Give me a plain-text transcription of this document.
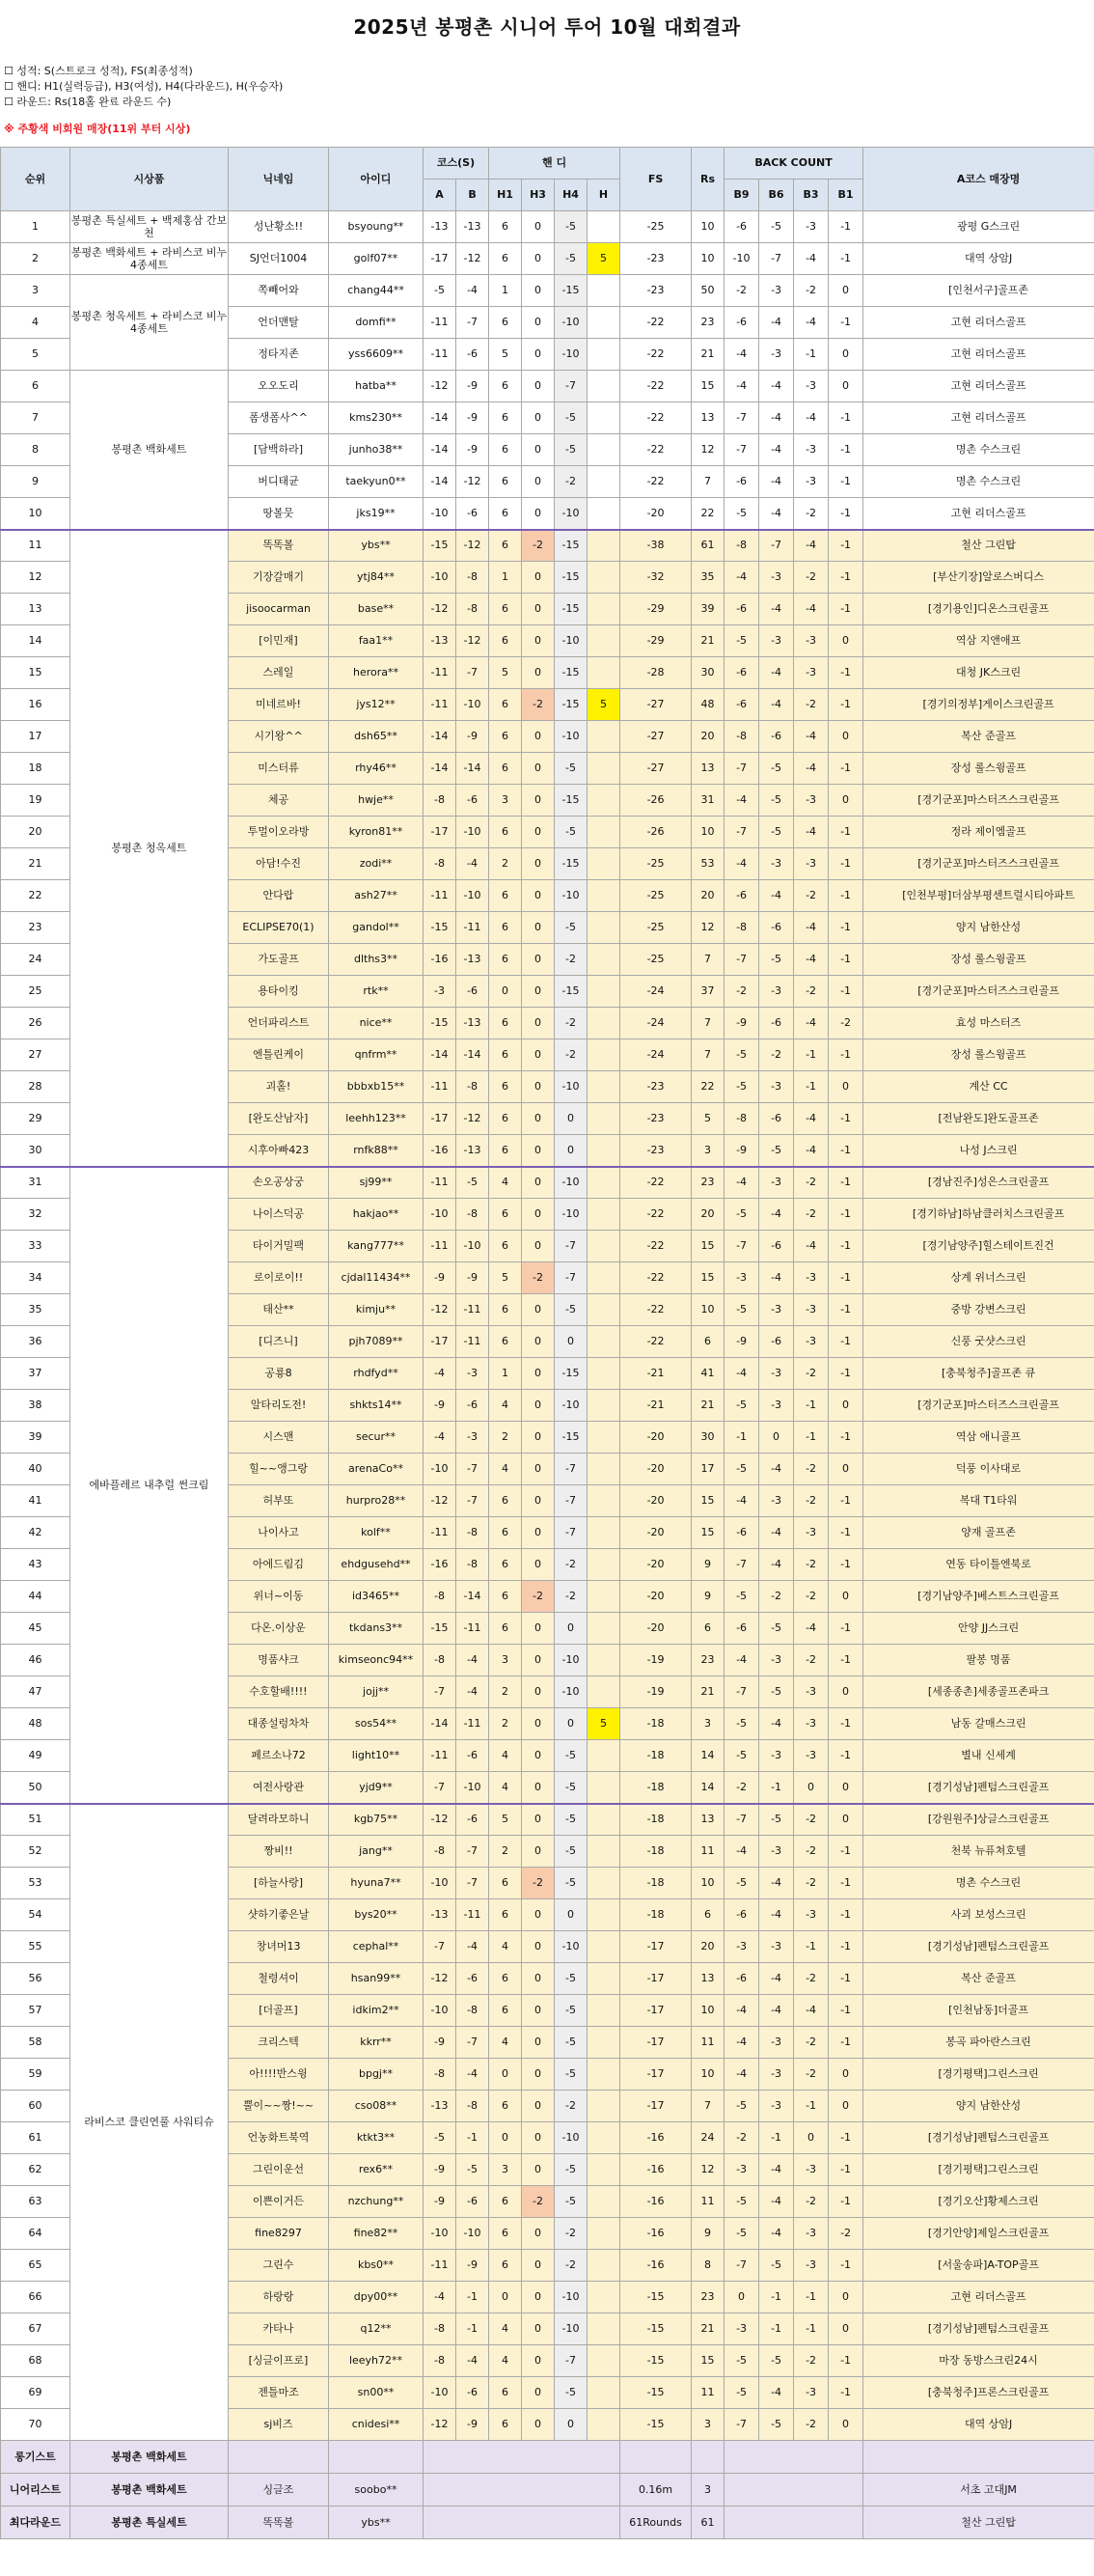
2025년 봉평촌 시니어 투어 10월 대회결과
☐ 성적: S(스트로크 성적), FS(최종성적)
☐ 핸디: H1(실력등급), H3(여성), H4(다라운드), H(우승자)
☐ 라운드: Rs(18홀 완료 라운드 수)
※ 주황색 비회원 매장(11위 부터 시상)
순위	시상품	닉네임	아이디	코스(S)		핸 디				FS	Rs	BACK COUNT				A코스 매장명
				A	B	H1	H3	H4	H			B9	B6	B3	B1	
1	봉평촌 특실세트 + 백제홍삼 간보천	성난황소!!	bsyoung**	-13	-13	6	0	-5		-25	10	-6	-5	-3	-1	광평 G스크린
2	봉평촌 백화세트 + 라비스코 비누 4종세트	SJ언더1004	golf07**	-17	-12	6	0	-5	5	-23	10	-10	-7	-4	-1	대역 상암J
3	봉평촌 청옥세트 + 라비스코 비누 4종세트	쪽빼어와	chang44**	-5	-4	1	0	-15		-23	50	-2	-3	-2	0	[인천서구]골프존
4		언더맨탈	domfi**	-11	-7	6	0	-10		-22	23	-6	-4	-4	-1	고현 리더스골프
5		정타지존	yss6609**	-11	-6	5	0	-10		-22	21	-4	-3	-1	0	고현 리더스골프
6	봉평촌 백화세트	오오도리	hatba**	-12	-9	6	0	-7		-22	15	-4	-4	-3	0	고현 리더스골프
7		폼생폼사^^	kms230**	-14	-9	6	0	-5		-22	13	-7	-4	-4	-1	고현 리더스골프
8		[담백하라]	junho38**	-14	-9	6	0	-5		-22	12	-7	-4	-3	-1	명촌 수스크린
9		버디태균	taekyun0**	-14	-12	6	0	-2		-22	7	-6	-4	-3	-1	명촌 수스크린
10		땅볼뭇	jks19**	-10	-6	6	0	-10		-20	22	-5	-4	-2	-1	고현 리더스골프
11	봉평촌 청옥세트	똑똑볼	ybs**	-15	-12	6	-2	-15		-38	61	-8	-7	-4	-1	철산 그린탑
12		기장갈매기	ytj84**	-10	-8	1	0	-15		-32	35	-4	-3	-2	-1	[부산기장]알로스버디스
13		jisoocarman	base**	-12	-8	6	0	-15		-29	39	-6	-4	-4	-1	[경기용인]디온스크린골프
14		[이민재]	faa1**	-13	-12	6	0	-10		-29	21	-5	-3	-3	0	역삼 지앤애프
15		스레일	herora**	-11	-7	5	0	-15		-28	30	-6	-4	-3	-1	대청 JK스크린
16		미네르바!	jys12**	-11	-10	6	-2	-15	5	-27	48	-6	-4	-2	-1	[경기의정부]게이스크린골프
17		시기왕^^	dsh65**	-14	-9	6	0	-10		-27	20	-8	-6	-4	0	복산 준골프
18		미스터류	rhy46**	-14	-14	6	0	-5		-27	13	-7	-5	-4	-1	장성 롤스윙골프
19		체공	hwje**	-8	-6	3	0	-15		-26	31	-4	-5	-3	0	[경기군포]마스터즈스크린골프
20		투멀이오라방	kyron81**	-17	-10	6	0	-5		-26	10	-7	-5	-4	-1	정라 제이엠골프
21		아담!수진	zodi**	-8	-4	2	0	-15		-25	53	-4	-3	-3	-1	[경기군포]마스터즈스크린골프
22		안다랍	ash27**	-11	-10	6	0	-10		-25	20	-6	-4	-2	-1	[인천부평]더삼부평센트럴시티아파트
23		ECLIPSE70(1)	gandol**	-15	-11	6	0	-5		-25	12	-8	-6	-4	-1	양지 남한산성
24		가도골프	dlths3**	-16	-13	6	0	-2		-25	7	-7	-5	-4	-1	장성 롤스윙골프
25		용타이킹	rtk**	-3	-6	0	0	-15		-24	37	-2	-3	-2	-1	[경기군포]마스터즈스크린골프
26		언더파리스트	nice**	-15	-13	6	0	-2		-24	7	-9	-6	-4	-2	효성 마스터즈
27		엔틀린케이	qnfrm**	-14	-14	6	0	-2		-24	7	-5	-2	-1	-1	장성 롤스윙골프
28		괴홀!	bbbxb15**	-11	-8	6	0	-10		-23	22	-5	-3	-1	0	계산 CC
29		[완도산남자]	leehh123**	-17	-12	6	0	0		-23	5	-8	-6	-4	-1	[전남완도]완도골프존
30		시후아빠423	rnfk88**	-16	-13	6	0	0		-23	3	-9	-5	-4	-1	나성 J스크린
31	에바플레르 내추럴 썬크림	손오공상궁	sj99**	-11	-5	4	0	-10		-22	23	-4	-3	-2	-1	[경남진주]성은스크린골프
32		나이스덕공	hakjao**	-10	-8	6	0	-10		-22	20	-5	-4	-2	-1	[경기하남]하남클러치스크린골프
33		타이거밀팩	kang777**	-11	-10	6	0	-7		-22	15	-7	-6	-4	-1	[경기남양주]힐스테이트진건
34		로이로이!!	cjdal11434**	-9	-9	5	-2	-7		-22	15	-3	-4	-3	-1	상계 위너스크린
35		태산**	kimju**	-12	-11	6	0	-5		-22	10	-5	-3	-3	-1	중방 강변스크린
36		[디즈니]	pjh7089**	-17	-11	6	0	0		-22	6	-9	-6	-3	-1	신풍 굿샷스크린
37		공룡8	rhdfyd**	-4	-3	1	0	-15		-21	41	-4	-3	-2	-1	[충북청주]골프존 큐
38		알타리도전!	shkts14**	-9	-6	4	0	-10		-21	21	-5	-3	-1	0	[경기군포]마스터즈스크린골프
39		시스맨	secur**	-4	-3	2	0	-15		-20	30	-1	0	-1	-1	역삼 애니골프
40		힐~~앵그랑	arenaCo**	-10	-7	4	0	-7		-20	17	-5	-4	-2	0	덕풍 이사대로
41		허부또	hurpro28**	-12	-7	6	0	-7		-20	15	-4	-3	-2	-1	복대 T1타워
42		나이사고	kolf**	-11	-8	6	0	-7		-20	15	-6	-4	-3	-1	양재 골프존
43		아에드림김	ehdgusehd**	-16	-8	6	0	-2		-20	9	-7	-4	-2	-1	연동 타이틀엔북로
44		위너~이동	id3465**	-8	-14	6	-2	-2		-20	9	-5	-2	-2	0	[경기남양주]베스트스크린골프
45		다온.이상운	tkdans3**	-15	-11	6	0	0		-20	6	-6	-5	-4	-1	안양 JJ스크린
46		명품샤크	kimseonc94**	-8	-4	3	0	-10		-19	23	-4	-3	-2	-1	팔봉 명품
47		수호할배!!!!	jojj**	-7	-4	2	0	-10		-19	21	-7	-5	-3	0	[세종종촌]세종골프존파크
48		대종설렁차차	sos54**	-14	-11	2	0	0	5	-18	3	-5	-4	-3	-1	남동 갈매스크린
49		페르소나72	light10**	-11	-6	4	0	-5		-18	14	-5	-3	-3	-1	별내 신세계
50		여전사랑관	yjd9**	-7	-10	4	0	-5		-18	14	-2	-1	0	0	[경기성남]펜텀스크린골프
51	라비스코 클린연풀 사워티슈	달려라모하니	kgb75**	-12	-6	5	0	-5		-18	13	-7	-5	-2	0	[강원원주]상글스크린골프
52		짱비!!	jang**	-8	-7	2	0	-5		-18	11	-4	-3	-2	-1	천북 뉴퓨쳐호텔
53		[하늘사랑]	hyuna7**	-10	-7	6	-2	-5		-18	10	-5	-4	-2	-1	명촌 수스크린
54		샷하기좋은날	bys20**	-13	-11	6	0	0		-18	6	-6	-4	-3	-1	사괴 보성스크린
55		창녀머13	cephal**	-7	-4	4	0	-10		-17	20	-3	-3	-1	-1	[경기성남]펜텀스크린골프
56		철령셔이	hsan99**	-12	-6	6	0	-5		-17	13	-6	-4	-2	-1	복산 준골프
57		[더골프]	idkim2**	-10	-8	6	0	-5		-17	10	-4	-4	-4	-1	[인천남동]더골프
58		크리스텍	kkrr**	-9	-7	4	0	-5		-17	11	-4	-3	-2	-1	봉곡 파아란스크린
59		아!!!!반스윙	bpgj**	-8	-4	0	0	-5		-17	10	-4	-3	-2	0	[경기평택]그린스크린
60		뿔이~~짱!~~	cso08**	-13	-8	6	0	-2		-17	7	-5	-3	-1	0	양지 남한산성
61		언농화트북역	ktkt3**	-5	-1	0	0	-10		-16	24	-2	-1	0	-1	[경기성남]펜텀스크린골프
62		그린이운선	rex6**	-9	-5	3	0	-5		-16	12	-3	-4	-3	-1	[경기평택]그린스크린
63		이쁜이거든	nzchung**	-9	-6	6	-2	-5		-16	11	-5	-4	-2	-1	[경기오산]황제스크린
64		fine8297	fine82**	-10	-10	6	0	-2		-16	9	-5	-4	-3	-2	[경기안양]제일스크린골프
65		그린수	kbs0**	-11	-9	6	0	-2		-16	8	-7	-5	-3	-1	[서울송파]A-TOP골프
66		하랑랑	dpy00**	-4	-1	0	0	-10		-15	23	0	-1	-1	0	고현 리더스골프
67		카타나	q12**	-8	-1	4	0	-10		-15	21	-3	-1	-1	0	[경기성남]펜텀스크린골프
68		[싱글이프로]	leeyh72**	-8	-4	4	0	-7		-15	15	-5	-5	-2	-1	마장 동방스크린24시
69		젠틀마조	sn00**	-10	-6	6	0	-5		-15	11	-5	-4	-3	-1	[충북청주]프론스크린골프
70		sj비즈	cnidesi**	-12	-9	6	0	0		-15	3	-7	-5	-2	0	대역 상암J
롱기스트	봉평촌 백화세트															
니어리스트	봉평촌 백화세트	싱글조	soobo**							0.16m	3					서초 고대JM
최다라운드	봉평촌 특실세트	똑똑볼	ybs**							61Rounds	61					철산 그린탑
